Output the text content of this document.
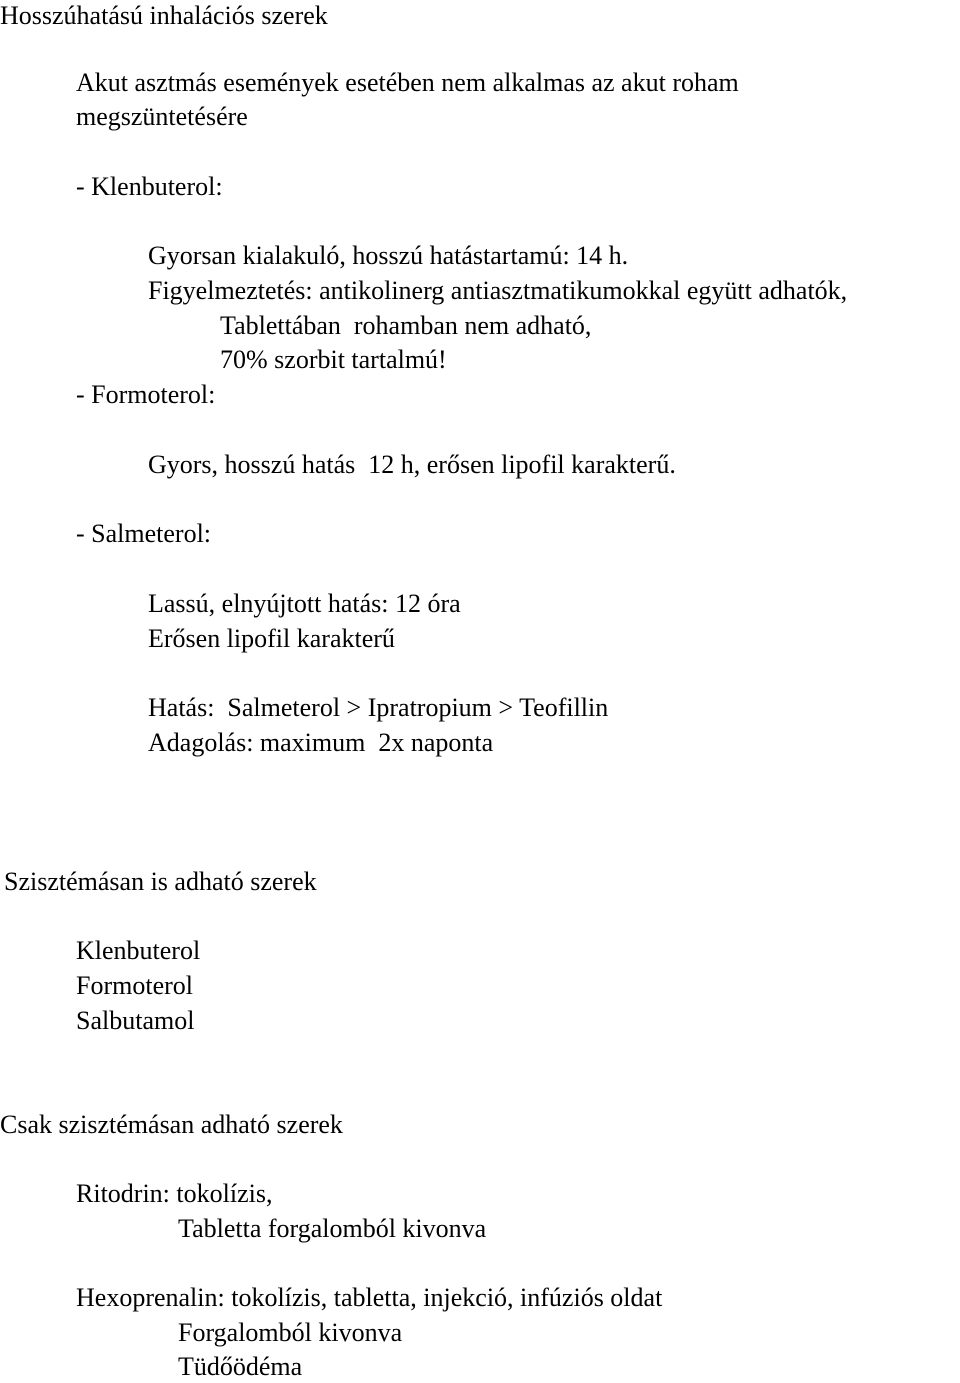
Hosszúhatású inhalációs szerek
Akut asztmás események esetében nem alkalmas az akut roham
megszüntetésére
- Klenbuterol:
Gyorsan kialakuló, hosszú hatástartamú: 14 h.
Figyelmeztetés: antikolinerg antiasztmatikumokkal együtt adhatók,
Tablettában  rohamban nem adható,
70% szorbit tartalmú!
- Formoterol:
Gyors, hosszú hatás  12 h, erősen lipofil karakterű.
- Salmeterol:
Lassú, elnyújtott hatás: 12 óra
Erősen lipofil karakterű
Hatás:  Salmeterol > Ipratropium > Teofillin
Adagolás: maximum  2x naponta
Szisztémásan is adható szerek
Klenbuterol
Formoterol
Salbutamol
Csak szisztémásan adható szerek
Ritodrin: tokolízis,
Tabletta forgalomból kivonva
Hexoprenalin: tokolízis, tabletta, injekció, infúziós oldat
Forgalomból kivonva
Tüdőödéma
